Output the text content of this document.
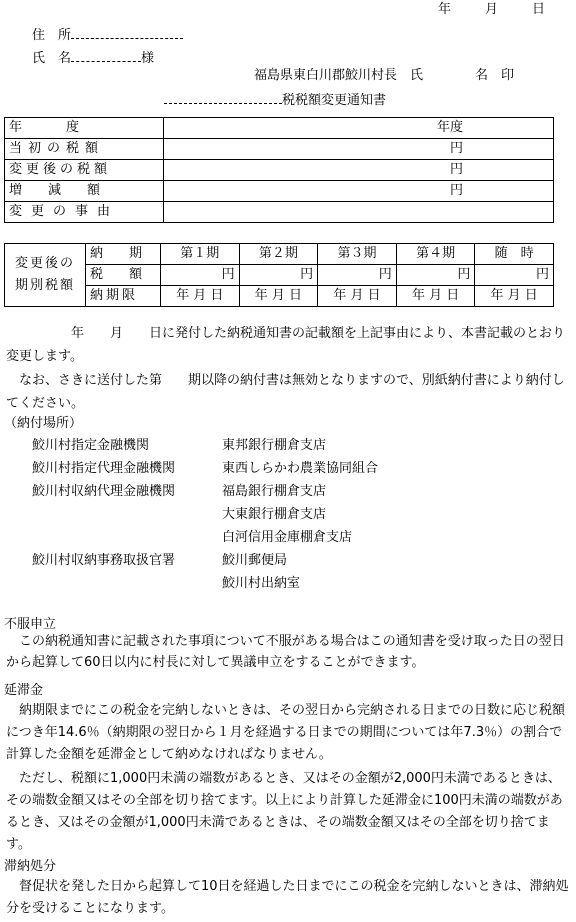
年	月	日
住　所
氏　名	様
福島県東白川郡鮫川村長　氏　　　　名　印
税税額変更通知書
年　　度	年度
当初の税額	円
変更後の税額	円
増　　減　　額	円
変更の事由	
変更後の
期別税額	納　　期	第１期	第２期	第３期	第４期	随　時
	税　　額	円	円	円	円	円
	納期限	年 月 日	年 月 日	年 月 日	年 月 日	年 月 日
年　　月　　日に発付した納税通知書の記載額を上記事由により、本書記載のとおり変更します。
なお、さきに送付した第　　期以降の納付書は無効となりますので、別紙納付書により納付してください。
（納付場所）
鮫川村指定金融機関	東邦銀行棚倉支店
鮫川村指定代理金融機関	東西しらかわ農業協同組合
鮫川村収納代理金融機関	福島銀行棚倉支店
大東銀行棚倉支店
白河信用金庫棚倉支店
鮫川村収納事務取扱官署	鮫川郵便局
鮫川村出納室
不服申立
この納税通知書に記載された事項について不服がある場合はこの通知書を受け取った日の翌日から起算して60日以内に村長に対して異議申立をすることができます。
延滞金
納期限までにこの税金を完納しないときは、その翌日から完納される日までの日数に応じ税額につき年14.6％（納期限の翌日から１月を経過する日までの期間については年7.3％）の割合で計算した金額を延滞金として納めなければなりません。
ただし、税額に1,000円未満の端数があるとき、又はその金額が2,000円未満であるときは、その端数金額又はその全部を切り捨てます。以上により計算した延滞金に100円未満の端数があるとき、又はその金額が1,000円未満であるときは、その端数金額又はその全部を切り捨てます。
滞納処分
督促状を発した日から起算して10日を経過した日までにこの税金を完納しないときは、滞納処分を受けることになります。
